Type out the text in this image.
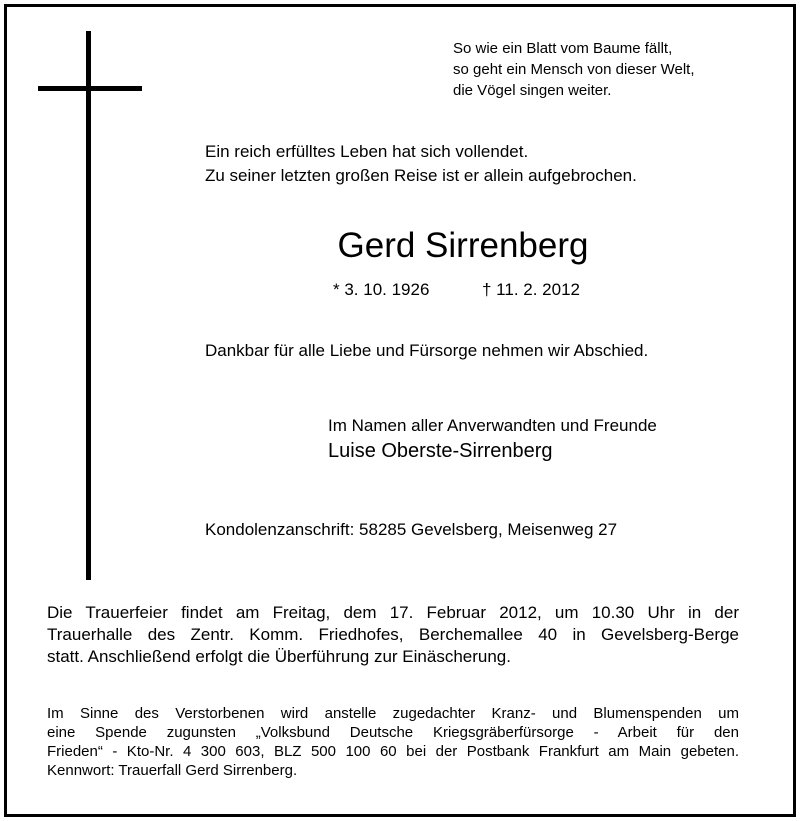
So wie ein Blatt vom Baume fällt,
so geht ein Mensch von dieser Welt,
die Vögel singen weiter.
Ein reich erfülltes Leben hat sich vollendet.
Zu seiner letzten großen Reise ist er allein aufgebrochen.
Gerd Sirrenberg
* 3. 10. 1926	† 11. 2. 2012
Dankbar für alle Liebe und Fürsorge nehmen wir Abschied.
Im Namen aller Anverwandten und Freunde
Luise Oberste-Sirrenberg
Kondolenzanschrift: 58285 Gevelsberg, Meisenweg 27
Die Trauerfeier findet am Freitag, dem 17. Februar 2012, um 10.30 Uhr in der
Trauerhalle des Zentr. Komm. Friedhofes, Berchemallee 40 in Gevelsberg-Berge
statt. Anschließend erfolgt die Überführung zur Einäscherung.
Im Sinne des Verstorbenen wird anstelle zugedachter Kranz- und Blumenspenden um
eine Spende zugunsten „Volksbund Deutsche Kriegsgräberfürsorge - Arbeit für den
Frieden“ - Kto-Nr. 4 300 603, BLZ 500 100 60 bei der Postbank Frankfurt am Main gebeten.
Kennwort: Trauerfall Gerd Sirrenberg.
